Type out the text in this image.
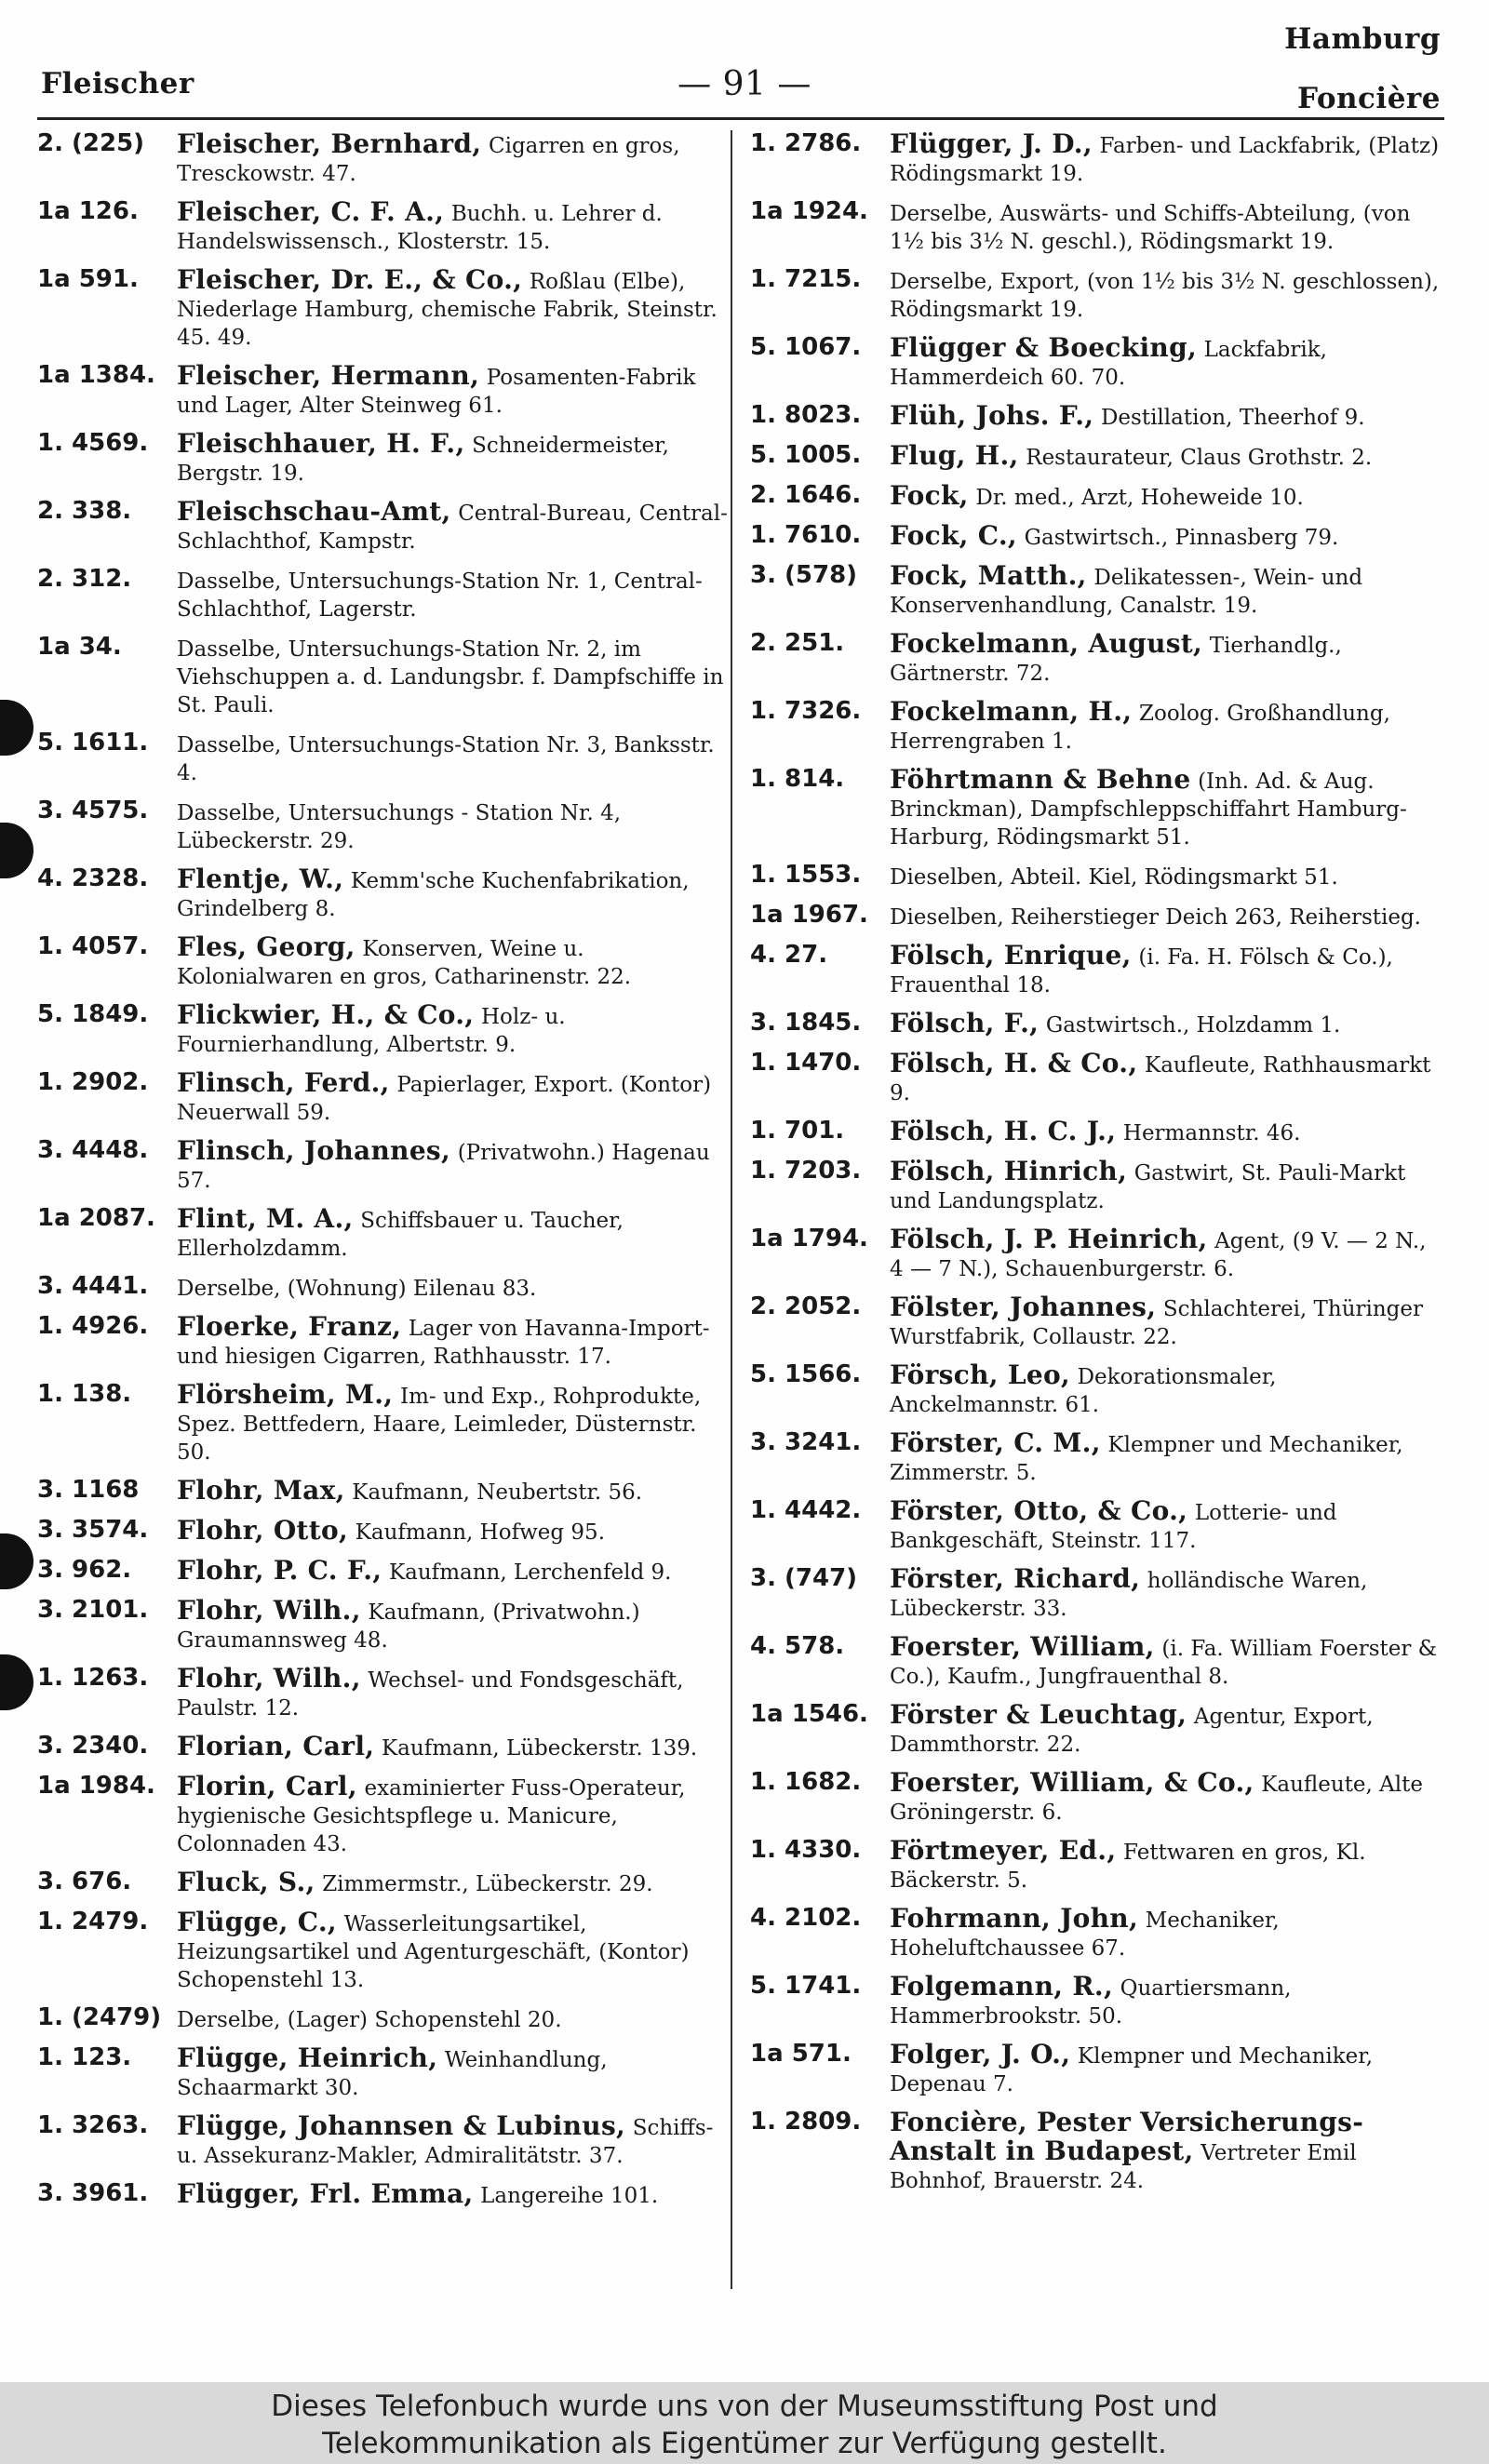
Fleischer	— 91 —
Hamburg
Foncière
2. (225)	Fleischer, Bernhard, Cigarren en gros, Tresckowstr. 47.
1a 126.	Fleischer, C. F. A., Buchh. u. Lehrer d. Handelswissensch., Klosterstr. 15.
1a 591.	Fleischer, Dr. E., & Co., Roßlau (Elbe), Niederlage Hamburg, chemische Fabrik, Steinstr. 45. 49.
1a 1384. Fleischer, Hermann, Posamenten-Fabrik und Lager, Alter Steinweg 61.
1. 4569.	Fleischhauer, H. F., Schneidermeister, Bergstr. 19.
2. 338.	Fleischschau-Amt, Central-Bureau, Central-Schlachthof, Kampstr.
2. 312.	Dasselbe, Untersuchungs-Station Nr. 1, Central-Schlachthof, Lagerstr.
1a 34.	Dasselbe, Untersuchungs-Station Nr. 2, im Viehschuppen a. d. Landungsbr. f. Dampfschiffe in St. Pauli.
5. 1611.	Dasselbe, Untersuchungs-Station Nr. 3, Banksstr. 4.
3. 4575.	Dasselbe, Untersuchungs - Station Nr. 4, Lübeckerstr. 29.
4. 2328.	Flentje, W., Kemm'sche Kuchenfabrikation, Grindelberg 8.
1. 4057.	Fles, Georg, Konserven, Weine u. Kolonialwaren en gros, Catharinenstr. 22.
5. 1849.	Flickwier, H., & Co., Holz- u. Fournierhandlung, Albertstr. 9.
1. 2902.	Flinsch, Ferd., Papierlager, Export. (Kontor) Neuerwall 59.
3. 4448.	Flinsch, Johannes, (Privatwohn.) Hagenau 57.
1a 2087. Flint, M. A., Schiffsbauer u. Taucher, Ellerholzdamm.
3. 4441.	Derselbe, (Wohnung) Eilenau 83.
1. 4926.	Floerke, Franz, Lager von Havanna-Import- und hiesigen Cigarren, Rathhausstr. 17.
1. 138.	Flörsheim, M., Im- und Exp., Rohprodukte, Spez. Bettfedern, Haare, Leimleder, Düsternstr. 50.
3. 1168	Flohr, Max, Kaufmann, Neubertstr. 56.
3. 3574.	Flohr, Otto, Kaufmann, Hofweg 95.
3. 962.	Flohr, P. C. F., Kaufmann, Lerchenfeld 9.
3. 2101.	Flohr, Wilh., Kaufmann, (Privatwohn.) Graumannsweg 48.
1. 1263.	Flohr, Wilh., Wechsel- und Fondsgeschäft, Paulstr. 12.
3. 2340.	Florian, Carl, Kaufmann, Lübeckerstr. 139.
1a 1984. Florin, Carl, examinierter Fuss-Operateur, hygienische Gesichtspflege u. Manicure, Colonnaden 43.
3. 676.	Fluck, S., Zimmermstr., Lübeckerstr. 29.
1. 2479.	Flügge, C., Wasserleitungsartikel, Heizungsartikel und Agenturgeschäft, (Kontor) Schopenstehl 13.
1. (2479) Derselbe, (Lager) Schopenstehl 20.
1. 123.	Flügge, Heinrich, Weinhandlung, Schaarmarkt 30.
1. 3263.	Flügge, Johannsen & Lubinus, Schiffs- u. Assekuranz-Makler, Admiralitätstr. 37.
3. 3961.	Flügger, Frl. Emma, Langereihe 101.
1. 2786.	Flügger, J. D., Farben- und Lackfabrik, (Platz) Rödingsmarkt 19.
1a 1924.	Derselbe, Auswärts- und Schiffs-Abteilung, (von 1½ bis 3½ N. geschl.), Rödingsmarkt 19.
1. 7215.	Derselbe, Export, (von 1½ bis 3½ N. geschlossen), Rödingsmarkt 19.
5. 1067.	Flügger & Boecking, Lackfabrik, Hammerdeich 60. 70.
1. 8023.	Flüh, Johs. F., Destillation, Theerhof 9.
5. 1005.	Flug, H., Restaurateur, Claus Grothstr. 2.
2. 1646.	Fock, Dr. med., Arzt, Hoheweide 10.
1. 7610.	Fock, C., Gastwirtsch., Pinnasberg 79.
3. (578)	Fock, Matth., Delikatessen-, Wein- und Konservenhandlung, Canalstr. 19.
2. 251.	Fockelmann, August, Tierhandlg., Gärtnerstr. 72.
1. 7326.	Fockelmann, H., Zoolog. Großhandlung, Herrengraben 1.
1. 814.	Föhrtmann & Behne (Inh. Ad. & Aug. Brinckman), Dampfschleppschiffahrt Hamburg-Harburg, Rödingsmarkt 51.
1. 1553.	Dieselben, Abteil. Kiel, Rödingsmarkt 51.
1a 1967.	Dieselben, Reiherstieger Deich 263, Reiherstieg.
4. 27.	Fölsch, Enrique, (i. Fa. H. Fölsch & Co.), Frauenthal 18.
3. 1845.	Fölsch, F., Gastwirtsch., Holzdamm 1.
1. 1470.	Fölsch, H. & Co., Kaufleute, Rathhausmarkt 9.
1. 701.	Fölsch, H. C. J., Hermannstr. 46.
1. 7203.	Fölsch, Hinrich, Gastwirt, St. Pauli-Markt und Landungsplatz.
1a 1794. Fölsch, J. P. Heinrich, Agent, (9 V. — 2 N., 4 — 7 N.), Schauenburgerstr. 6.
2. 2052.	Fölster, Johannes, Schlachterei, Thüringer Wurstfabrik, Collaustr. 22.
5. 1566.	Försch, Leo, Dekorationsmaler, Anckelmannstr. 61.
3. 3241.	Förster, C. M., Klempner und Mechaniker, Zimmerstr. 5.
1. 4442.	Förster, Otto, & Co., Lotterie- und Bankgeschäft, Steinstr. 117.
3. (747)	Förster, Richard, holländische Waren, Lübeckerstr. 33.
4. 578.	Foerster, William, (i. Fa. William Foerster & Co.), Kaufm., Jungfrauenthal 8.
1a 1546. Förster & Leuchtag, Agentur, Export, Dammthorstr. 22.
1. 1682.	Foerster, William, & Co., Kaufleute, Alte Gröningerstr. 6.
1. 4330.	Förtmeyer, Ed., Fettwaren en gros, Kl. Bäckerstr. 5.
4. 2102.	Fohrmann, John, Mechaniker, Hoheluftchaussee 67.
5. 1741.	Folgemann, R., Quartiersmann, Hammerbrookstr. 50.
1a 571.	Folger, J. O., Klempner und Mechaniker, Depenau 7.
1. 2809.	Foncière, Pester Versicherungs-Anstalt in Budapest, Vertreter Emil Bohnhof, Brauerstr. 24.
Dieses Telefonbuch wurde uns von der Museumsstiftung Post und
Telekommunikation als Eigentümer zur Verfügung gestellt.
